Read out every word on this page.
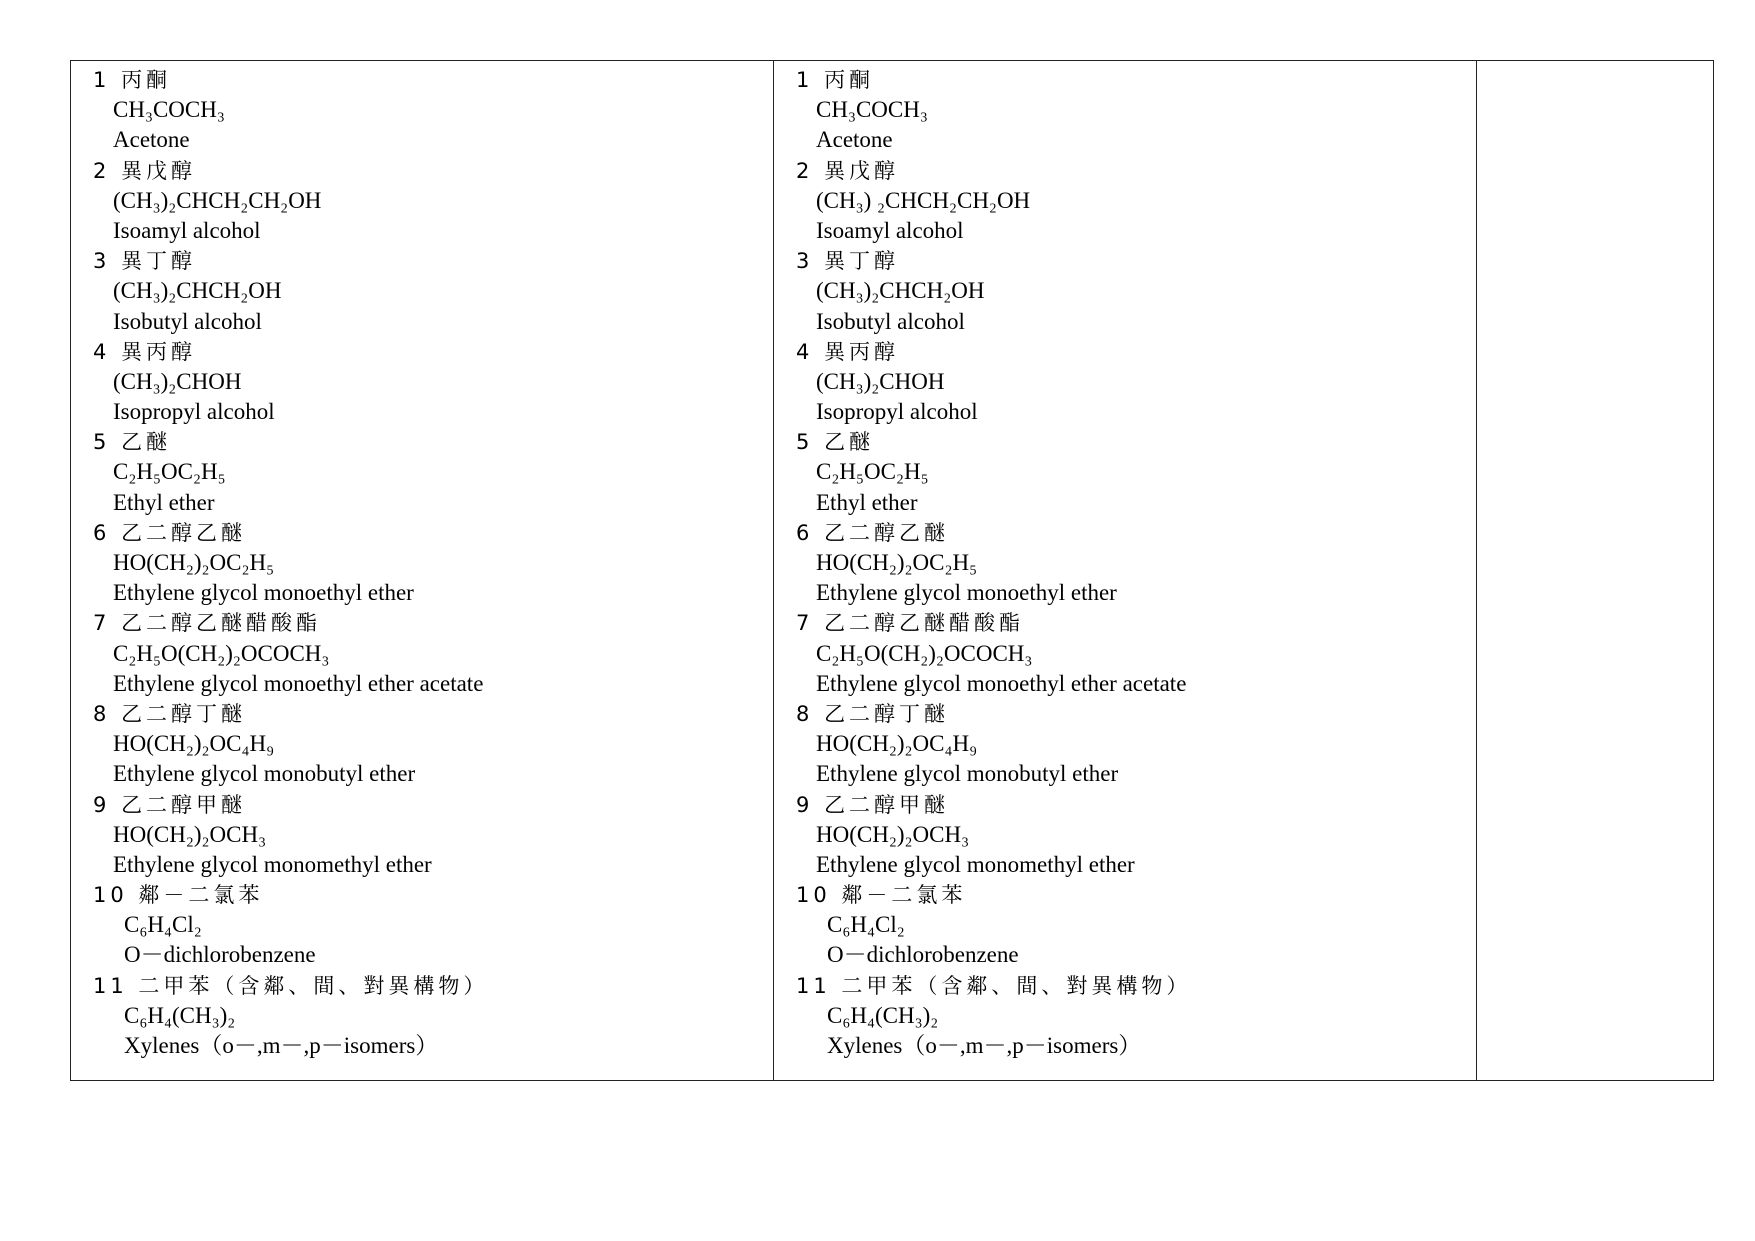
1 丙酮
CH₃COCH₃
Acetone
2 異戊醇
(CH₃)₂CHCH₂CH₂OH
Isoamyl alcohol
3 異丁醇
(CH₃)₂CHCH₂OH
Isobutyl alcohol
4 異丙醇
(CH₃)₂CHOH
Isopropyl alcohol
5 乙醚
C₂H₅OC₂H₅
Ethyl ether
6 乙二醇乙醚
HO(CH₂)₂OC₂H₅
Ethylene glycol monoethyl ether
7 乙二醇乙醚醋酸酯
C₂H₅O(CH₂)₂OCOCH₃
Ethylene glycol monoethyl ether acetate
8 乙二醇丁醚
HO(CH₂)₂OC₄H₉
Ethylene glycol monobutyl ether
9 乙二醇甲醚
HO(CH₂)₂OCH₃
Ethylene glycol monomethyl ether
10 鄰－二氯苯
C₆H₄Cl₂
O－dichlorobenzene
11 二甲苯（含鄰、間、對異構物）
C₆H₄(CH₃)₂
Xylenes（o－,m－,p－isomers）

1 丙酮
CH₃COCH₃
Acetone
2 異戊醇
(CH₃) ₂CHCH₂CH₂OH
Isoamyl alcohol
3 異丁醇
(CH₃)₂CHCH₂OH
Isobutyl alcohol
4 異丙醇
(CH₃)₂CHOH
Isopropyl alcohol
5 乙醚
C₂H₅OC₂H₅
Ethyl ether
6 乙二醇乙醚
HO(CH₂)₂OC₂H₅
Ethylene glycol monoethyl ether
7 乙二醇乙醚醋酸酯
C₂H₅O(CH₂)₂OCOCH₃
Ethylene glycol monoethyl ether acetate
8 乙二醇丁醚
HO(CH₂)₂OC₄H₉
Ethylene glycol monobutyl ether
9 乙二醇甲醚
HO(CH₂)₂OCH₃
Ethylene glycol monomethyl ether
10 鄰－二氯苯
C₆H₄Cl₂
O－dichlorobenzene
11 二甲苯（含鄰、間、對異構物）
C₆H₄(CH₃)₂
Xylenes（o－,m－,p－isomers）
